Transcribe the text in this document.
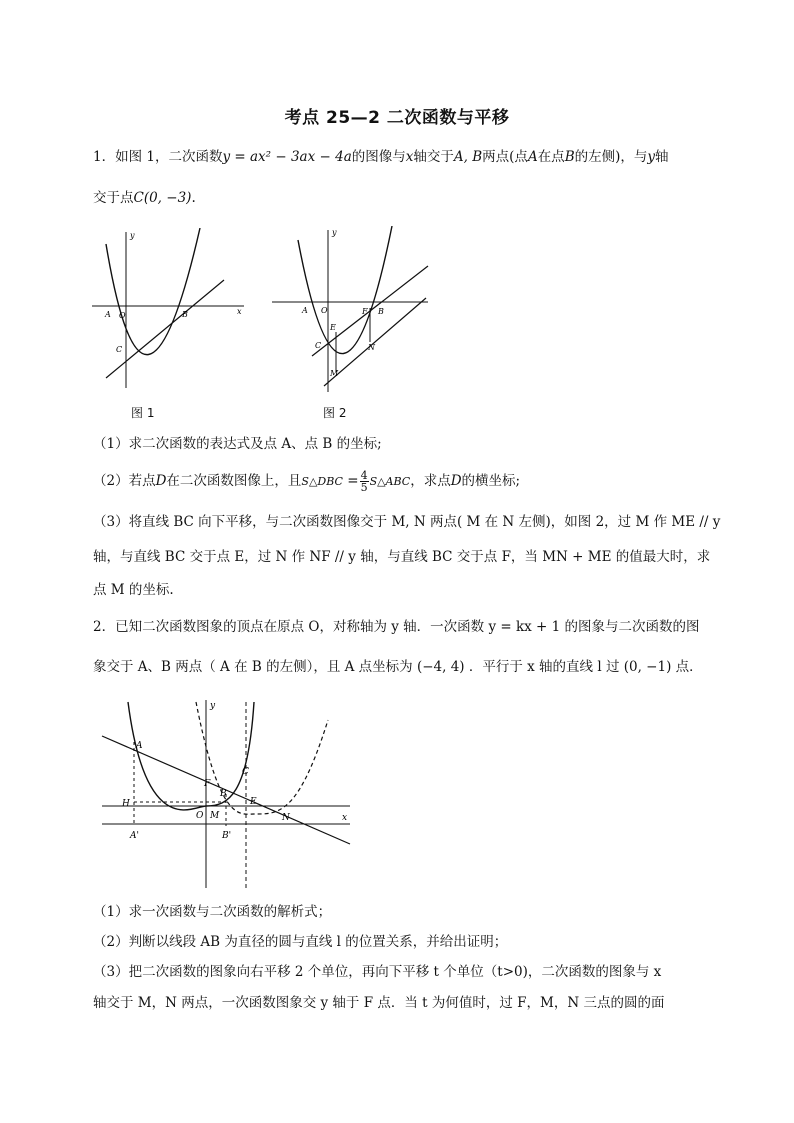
考点 25—2 二次函数与平移
1．如图 1，二次函数y = ax² − 3ax − 4a的图像与x轴交于A, B两点(点A在点B的左侧)，与y轴
交于点C(0, −3).
y
x
A O	B
C
图 1
y
A O	F B
E
C	N
M
图 2
（1）求二次函数的表达式及点 A、点 B 的坐标;
（2）若点D在二次函数图像上，且S△DBC = $\frac{4}{5}$ S△ABC，求点D的横坐标;
（3）将直线 BC 向下平移，与二次函数图像交于 M, N 两点( M 在 N 左侧)，如图 2，过 M 作 ME // y
轴，与直线 BC 交于点 E，过 N 作 NF // y 轴，与直线 BC 交于点 F，当 MN + ME 的值最大时，求
点 M 的坐标.
2．已知二次函数图象的顶点在原点 O，对称轴为 y 轴．一次函数 y = kx + 1 的图象与二次函数的图
象交于 A、B 两点（ A 在 B 的左侧），且 A 点坐标为 (−4, 4) ．平行于 x 轴的直线 l 过 (0, −1) 点．
y
A
C
F
B
E
H
O M	N	x
A'	B'
（1）求一次函数与二次函数的解析式；
（2）判断以线段 AB 为直径的圆与直线 l 的位置关系，并给出证明；
（3）把二次函数的图象向右平移 2 个单位，再向下平移 t 个单位（t>0)，二次函数的图象与 x
轴交于 M，N 两点，一次函数图象交 y 轴于 F 点．当 t 为何值时，过 F，M，N 三点的圆的面
